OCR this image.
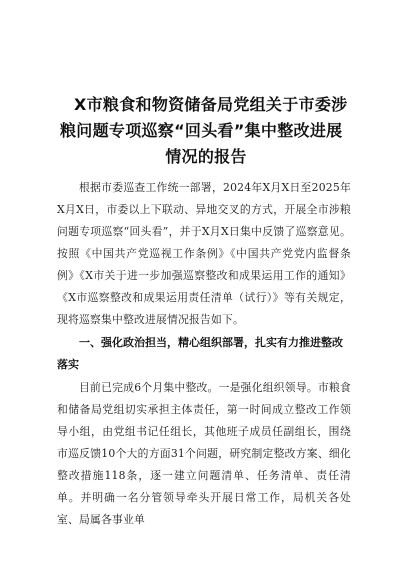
X市粮食和物资储备局党组关于市委涉
粮问题专项巡察“回头看”集中整改进展
情况的报告

根据市委巡查工作统一部署，2024年X月X日至2025年X月X日，市委以上下联动、异地交叉的方式，开展全市涉粮问题专项巡察“回头看”，并于X月X日集中反馈了巡察意见。按照《中国共产党巡视工作条例》《中国共产党党内监督条例》《X市关于进一步加强巡察整改和成果运用工作的通知》《X市巡察整改和成果运用责任清单（试行）》等有关规定，现将巡察集中整改进展情况报告如下。

一、强化政治担当，精心组织部署，扎实有力推进整改落实

目前已完成6个月集中整改。一是强化组织领导。市粮食和储备局党组切实承担主体责任，第一时间成立整改工作领导小组，由党组书记任组长，其他班子成员任副组长，围绕市巡反馈10个大的方面31个问题，研究制定整改方案、细化整改措施118条，逐一建立问题清单、任务清单、责任清单。并明确一名分管领导牵头开展日常工作，局机关各处室、局属各事业单
